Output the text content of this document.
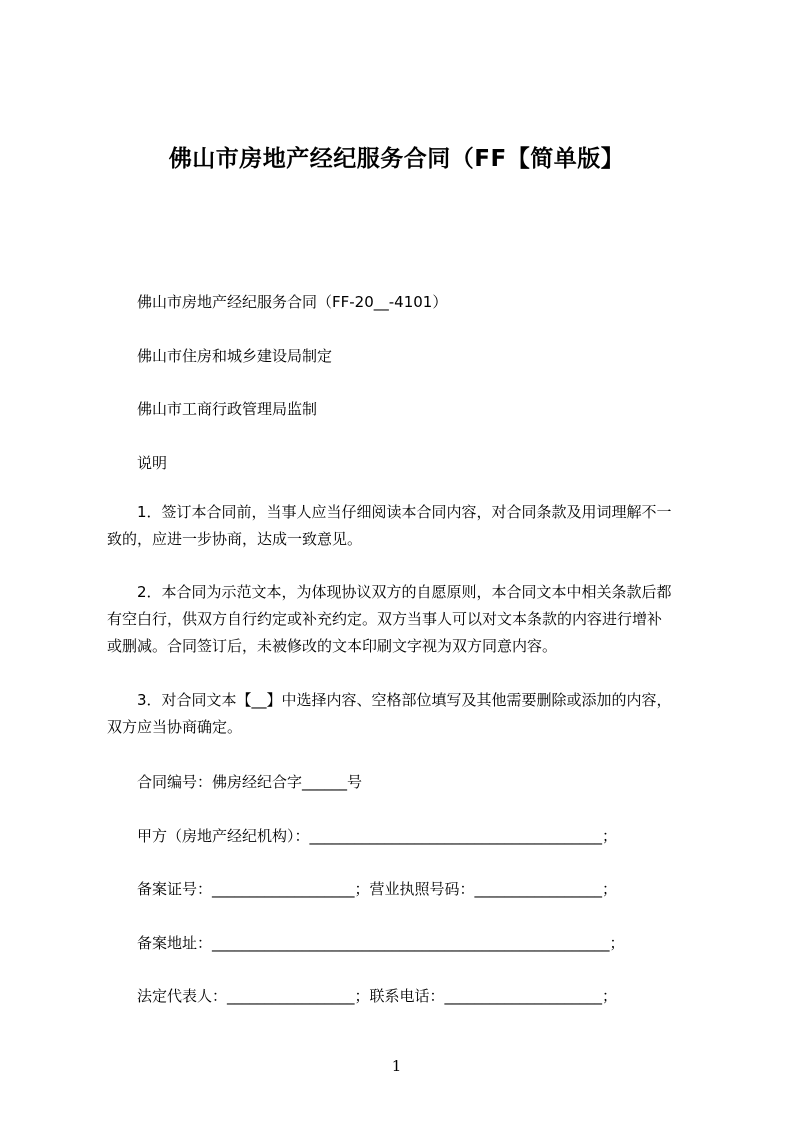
佛山市房地产经纪服务合同（FF【简单版】
佛山市房地产经纪服务合同（FF-20__-4101）
佛山市住房和城乡建设局制定
佛山市工商行政管理局监制
说明
1．签订本合同前，当事人应当仔细阅读本合同内容，对合同条款及用词理解不一
致的，应进一步协商，达成一致意见。
2．本合同为示范文本，为体现协议双方的自愿原则，本合同文本中相关条款后都
有空白行，供双方自行约定或补充约定。双方当事人可以对文本条款的内容进行增补
或删减。合同签订后，未被修改的文本印刷文字视为双方同意内容。
3．对合同文本【__】中选择内容、空格部位填写及其他需要删除或添加的内容，
双方应当协商确定。
合同编号：佛房经纪合字______号
甲方（房地产经纪机构）：_______________________________________；
备案证号：___________________；营业执照号码：_________________；
备案地址：_____________________________________________________；
法定代表人：_________________；联系电话：_____________________；
1
